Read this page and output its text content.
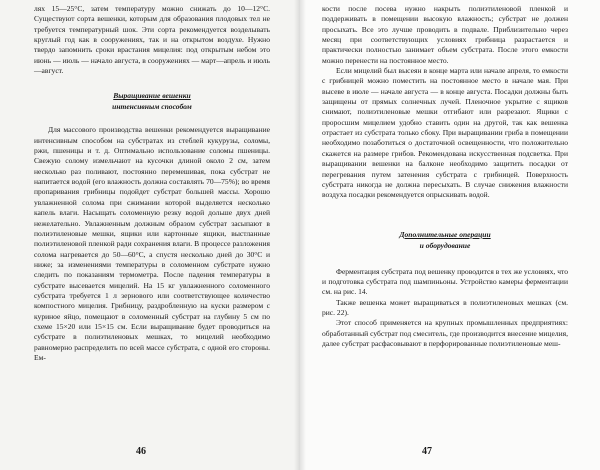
лях 15—25°С, затем температуру можно снижать до 10—12°С. Существуют сорта вешенки, которым для образования плодовых тел не требуется температурный шок. Эти сорта рекомендуется возделывать круглый год как в сооружениях, так и на открытом воздухе. Нужно твердо запомнить сроки врастания мицелия: под открытым небом это июнь — июль — начало августа, в сооружениях — март—апрель и июль—август.

Выращивание вешенки
интенсивным способом

Для массового производства вешенки рекомендуется выращивание интенсивным способом на субстратах из стеблей кукурузы, соломы, ржи, пшеницы и т. д. Оптимально использование соломы пшеницы. Свежую солому измельчают на кусочки длиной около 2 см, затем несколько раз поливают, постоянно перемешивая, пока субстрат не напитается водой (его влажность должна составлять 70—75%); во время пропаривания грибницы подойдет субстрат большей массы. Хорошо увлажненной солома при сжимании которой выделяется несколько капель влаги. Насыщать соломенную резку водой дольше двух дней нежелательно. Увлажненным должным образом субстрат засыпают в полиэтиленовые мешки, ящики или картонные ящики, выстланные полиэтиленовой пленкой ради сохранения влаги. В процессе разложения солома нагревается до 50—60°С, а спустя несколько дней до 30°С и ниже; за изменениями температуры в соломенном субстрате нужно следить по показаниям термометра. После падения температуры в субстрате высевается мицелий. На 15 кг увлажненного соломенного субстрата требуется 1 л зернового или соответствующее количество компостного мицелия. Грибницу, раздробленную на куски размером с куриное яйцо, помещают в соломенный субстрат на глубину 5 см по схеме 15×20 или 15×15 см. Если выращивание будет проводиться на субстрате в полиэтиленовых мешках, то мицелий необходимо равномерно распределить по всей массе субстрата, с одной его стороны. Ем-

46

кости после посева нужно накрыть полиэтиленовой пленкой и поддерживать в помещении высокую влажность; субстрат не должен просыхать. Все это лучше проводить в подвале. Приблизительно через месяц при соответствующих условиях грибница разрастается и практически полностью занимает объем субстрата. После этого емкости можно перенести на постоянное место.

Если мицелий был высеян в конце марта или начале апреля, то емкости с грибницей можно поместить на постоянное место в начале мая. При высеве в июле — начале августа — в конце августа. Посадки должны быть защищены от прямых солнечных лучей. Пленочное укрытие с ящиков снимают, полиэтиленовые мешки отгибают или разрезают. Ящики с проросшим мицелием удобно ставить один на другой, так как вешенка отрастает из субстрата только сбоку. При выращивании гриба в помещении необходимо позаботиться о достаточной освещенности, что положительно скажется на размере грибов. Рекомендована искусственная подсветка. При выращивании вешенки на балконе необходимо защитить посадки от перегревания путем затенения субстрата с грибницей. Поверхность субстрата никогда не должна пересыхать. В случае снижения влажности воздуха посадки рекомендуется опрыскивать водой.

Дополнительные операции
и оборудование

Ферментация субстрата под вешенку проводится в тех же условиях, что и подготовка субстрата под шампиньоны. Устройство камеры ферментации см. на рис. 14.

Также вешенка может выращиваться в полиэтиленовых мешках (см. рис. 22).

Этот способ применяется на крупных промышленных предприятиях: обработанный субстрат под смеситель, где производится внесение мицелия, далее субстрат расфасовывают в перфорированные полиэтиленовые меш-

47
